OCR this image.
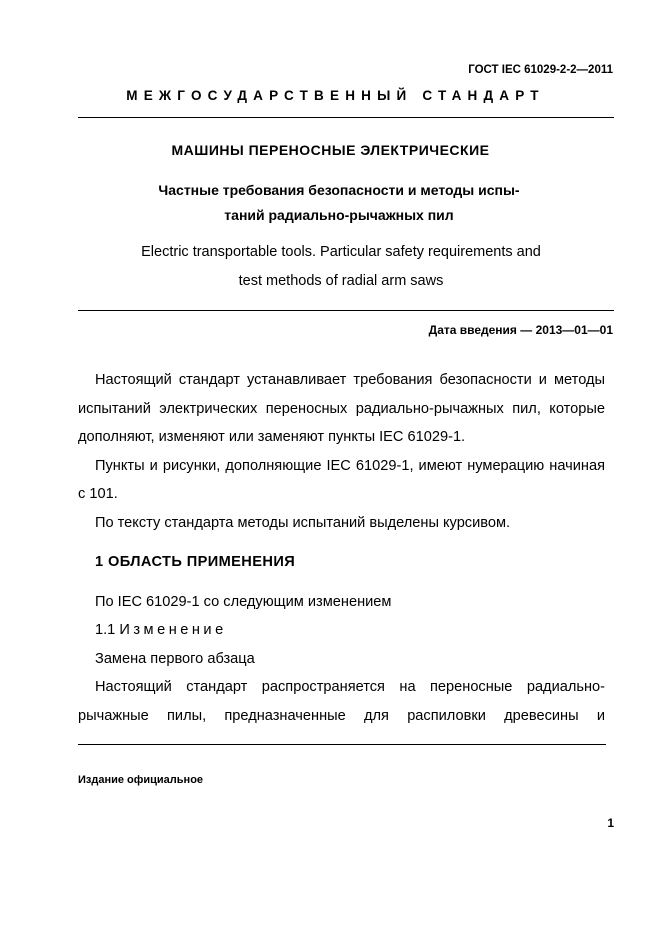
ГОСТ IEC 61029-2-2—2011
МЕЖГОСУДАРСТВЕННЫЙ СТАНДАРТ
МАШИНЫ ПЕРЕНОСНЫЕ ЭЛЕКТРИЧЕСКИЕ
Частные требования безопасности и методы испы-
таний радиально-рычажных пил
Electric transportable tools. Particular safety requirements and
test methods of radial arm saws
Дата введения — 2013—01—01

Настоящий стандарт устанавливает требования безопасности и методы испытаний электрических переносных радиально-рычажных пил, которые дополняют, изменяют или заменяют пункты IEC 61029-1.

Пункты и рисунки, дополняющие IEC 61029-1, имеют нумерацию начиная с 101.

По тексту стандарта методы испытаний выделены курсивом.

1 ОБЛАСТЬ ПРИМЕНЕНИЯ

По IEC 61029-1 со следующим изменением

1.1 Изменение

Замена первого абзаца

Настоящий стандарт распространяется на переносные радиально-рычажные пилы, предназначенные для распиловки древесины и

Издание официальное
1
